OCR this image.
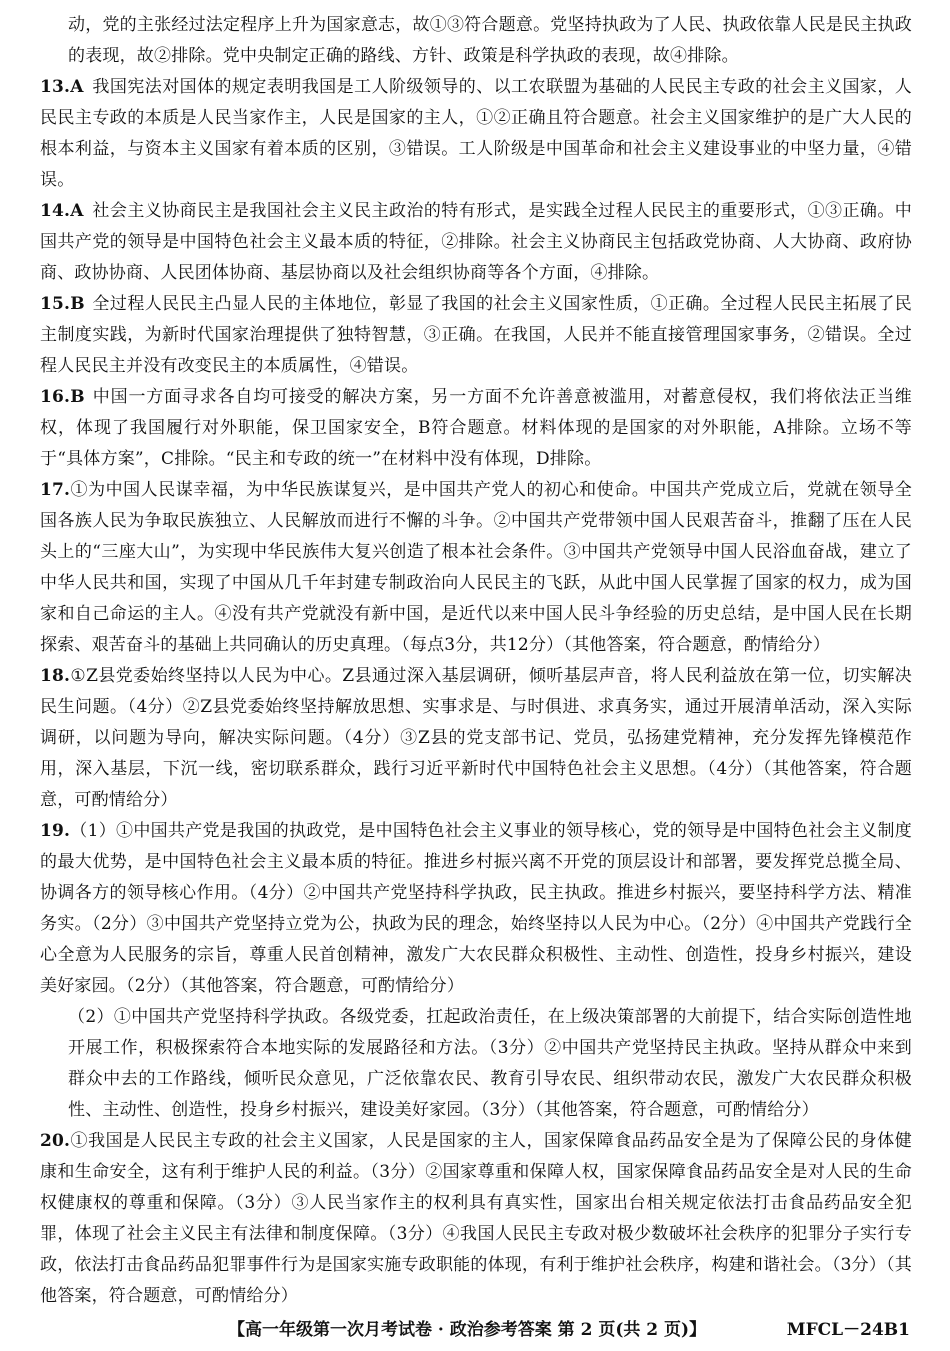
动，党的主张经过法定程序上升为国家意志，故①③符合题意。党坚持执政为了人民、执政依靠人民是民主执政的表现，故②排除。党中央制定正确的路线、方针、政策是科学执政的表现，故④排除。

13.A 我国宪法对国体的规定表明我国是工人阶级领导的、以工农联盟为基础的人民民主专政的社会主义国家，人民民主专政的本质是人民当家作主，人民是国家的主人，①②正确且符合题意。社会主义国家维护的是广大人民的根本利益，与资本主义国家有着本质的区别，③错误。工人阶级是中国革命和社会主义建设事业的中坚力量，④错误。

14.A 社会主义协商民主是我国社会主义民主政治的特有形式，是实践全过程人民民主的重要形式，①③正确。中国共产党的领导是中国特色社会主义最本质的特征，②排除。社会主义协商民主包括政党协商、人大协商、政府协商、政协协商、人民团体协商、基层协商以及社会组织协商等各个方面，④排除。

15.B 全过程人民民主凸显人民的主体地位，彰显了我国的社会主义国家性质，①正确。全过程人民民主拓展了民主制度实践，为新时代国家治理提供了独特智慧，③正确。在我国，人民并不能直接管理国家事务，②错误。全过程人民民主并没有改变民主的本质属性，④错误。

16.B 中国一方面寻求各自均可接受的解决方案，另一方面不允许善意被滥用，对蓄意侵权，我们将依法正当维权，体现了我国履行对外职能，保卫国家安全，B符合题意。材料体现的是国家的对外职能，A排除。立场不等于“具体方案”，C排除。“民主和专政的统一”在材料中没有体现，D排除。

17.①为中国人民谋幸福，为中华民族谋复兴，是中国共产党人的初心和使命。中国共产党成立后，党就在领导全国各族人民为争取民族独立、人民解放而进行不懈的斗争。②中国共产党带领中国人民艰苦奋斗，推翻了压在人民头上的“三座大山”，为实现中华民族伟大复兴创造了根本社会条件。③中国共产党领导中国人民浴血奋战，建立了中华人民共和国，实现了中国从几千年封建专制政治向人民民主的飞跃，从此中国人民掌握了国家的权力，成为国家和自己命运的主人。④没有共产党就没有新中国，是近代以来中国人民斗争经验的历史总结，是中国人民在长期探索、艰苦奋斗的基础上共同确认的历史真理。（每点3分，共12分）（其他答案，符合题意，酌情给分）

18.①Z县党委始终坚持以人民为中心。Z县通过深入基层调研，倾听基层声音，将人民利益放在第一位，切实解决民生问题。（4分）②Z县党委始终坚持解放思想、实事求是、与时俱进、求真务实，通过开展清单活动，深入实际调研，以问题为导向，解决实际问题。（4分）③Z县的党支部书记、党员，弘扬建党精神，充分发挥先锋模范作用，深入基层，下沉一线，密切联系群众，践行习近平新时代中国特色社会主义思想。（4分）（其他答案，符合题意，可酌情给分）

19.（1）①中国共产党是我国的执政党，是中国特色社会主义事业的领导核心，党的领导是中国特色社会主义制度的最大优势，是中国特色社会主义最本质的特征。推进乡村振兴离不开党的顶层设计和部署，要发挥党总揽全局、协调各方的领导核心作用。（4分）②中国共产党坚持科学执政，民主执政。推进乡村振兴，要坚持科学方法、精准务实。（2分）③中国共产党坚持立党为公，执政为民的理念，始终坚持以人民为中心。（2分）④中国共产党践行全心全意为人民服务的宗旨，尊重人民首创精神，激发广大农民群众积极性、主动性、创造性，投身乡村振兴，建设美好家园。（2分）（其他答案，符合题意，可酌情给分）

（2）①中国共产党坚持科学执政。各级党委，扛起政治责任，在上级决策部署的大前提下，结合实际创造性地开展工作，积极探索符合本地实际的发展路径和方法。（3分）②中国共产党坚持民主执政。坚持从群众中来到群众中去的工作路线，倾听民众意见，广泛依靠农民、教育引导农民、组织带动农民，激发广大农民群众积极性、主动性、创造性，投身乡村振兴，建设美好家园。（3分）（其他答案，符合题意，可酌情给分）

20.①我国是人民民主专政的社会主义国家，人民是国家的主人，国家保障食品药品安全是为了保障公民的身体健康和生命安全，这有利于维护人民的利益。（3分）②国家尊重和保障人权，国家保障食品药品安全是对人民的生命权健康权的尊重和保障。（3分）③人民当家作主的权利具有真实性，国家出台相关规定依法打击食品药品安全犯罪，体现了社会主义民主有法律和制度保障。（3分）④我国人民民主专政对极少数破坏社会秩序的犯罪分子实行专政，依法打击食品药品犯罪事件行为是国家实施专政职能的体现，有利于维护社会秩序，构建和谐社会。（3分）（其他答案，符合题意，可酌情给分）

【高一年级第一次月考试卷 · 政治参考答案 第 2 页(共 2 页)】	MFCL－24B1
